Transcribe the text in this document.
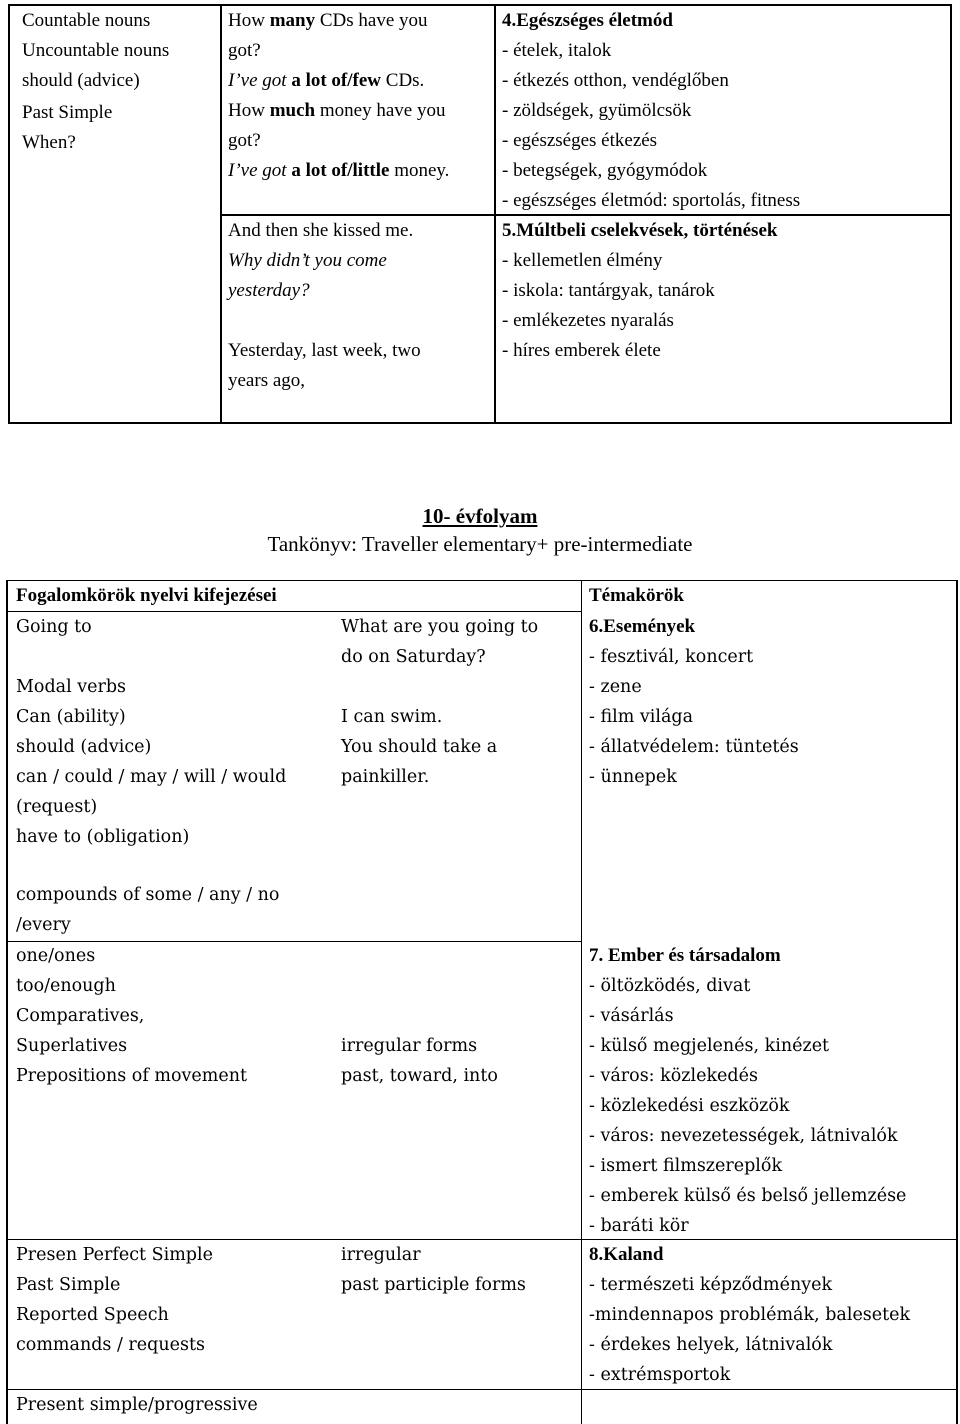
Countable nouns
Uncountable nouns
should (advice)
Past Simple
When?
How many CDs have you
got?
I’ve got a lot of/few CDs.
How much money have you
got?
I’ve got a lot of/little money.
And then she kissed me.
Why didn’t you come
yesterday?
Yesterday, last week, two
years ago,
4.Egészséges életmód
- ételek, italok
- étkezés otthon, vendéglőben
- zöldségek, gyümölcsök
- egészséges étkezés
- betegségek, gyógymódok
- egészséges életmód: sportolás, fitness
5.Múltbeli cselekvések, történések
- kellemetlen élmény
- iskola: tantárgyak, tanárok
- emlékezetes nyaralás
- híres emberek élete
10- évfolyam
Tankönyv: Traveller elementary+ pre-intermediate
Fogalomkörök nyelvi kifejezései	Témakörök
Going to
Modal verbs
Can (ability)
should (advice)
can / could / may / will / would
(request)
have to (obligation)
What are you going to
do on Saturday?
I can swim.
You should take a
painkiller.
6.Események
- fesztivál, koncert
- zene
- film világa
- állatvédelem: tüntetés
- ünnepek
compounds of some / any / no
/every
one/ones
too/enough
Comparatives,
Superlatives
Prepositions of movement
irregular forms
past, toward, into
7. Ember és társadalom
- öltözködés, divat
- vásárlás
- külső megjelenés, kinézet
- város: közlekedés
- közlekedési eszközök
- város: nevezetességek, látnivalók
- ismert filmszereplők
- emberek külső és belső jellemzése
- baráti kör
Presen Perfect Simple
Past Simple
Reported Speech
commands / requests
irregular
past participle forms
8.Kaland
- természeti képződmények
-mindennapos problémák, balesetek
- érdekes helyek, látnivalók
- extrémsportok
Present simple/progressive
